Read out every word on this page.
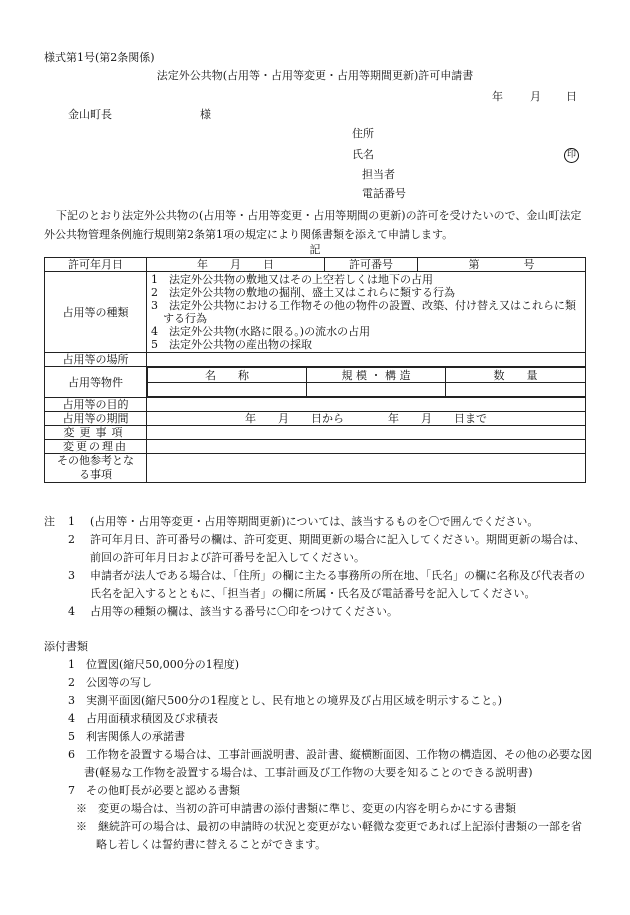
様式第1号(第2条関係)
法定外公共物(占用等・占用等変更・占用等期間更新)許可申請書
年 月 日
金山町長	様
住所
氏名	印
担当者
電話番号
下記のとおり法定外公共物の(占用等・占用等変更・占用等期間の更新)の許可を受けたいので、金山町法定外公共物管理条例施行規則第2条第1項の規定により関係書類を添えて申請します。
記
許可年月日	年　　月　　日	許可番号	第　　　　号
占用等の種類	
1　法定外公共物の敷地又はその上空若しくは地下の占用
2　法定外公共物の敷地の掘削、盛土又はこれらに類する行為
3　法定外公共物における工作物その他の物件の設置、改築、付け替え又はこれらに類する行為
4　法定外公共物(水路に限る。)の流水の占用
5　法定外公共物の産出物の採取

占用等の場所	
占用等物件	
名　　称	規 模 ・ 構 造	数　　量

占用等の目的	
占用等の期間	年　　月　　日から　　　　年　　月　　日まで
変更事項	
変更の理由	
その他参考となる事項	
注	1	(占用等・占用等変更・占用等期間更新)については、該当するものを〇で囲んでください。
2	許可年月日、許可番号の欄は、許可変更、期間更新の場合に記入してください。期間更新の場合は、前回の許可年月日および許可番号を記入してください。
3	申請者が法人である場合は、「住所」の欄に主たる事務所の所在地、「氏名」の欄に名称及び代表者の氏名を記入するとともに、「担当者」の欄に所属・氏名及び電話番号を記入してください。
4	占用等の種類の欄は、該当する番号に〇印をつけてください。
添付書類
1　位置図(縮尺50,000分の1程度)
2　公図等の写し
3　実測平面図(縮尺500分の1程度とし、民有地との境界及び占用区域を明示すること。)
4　占用面積求積図及び求積表
5　利害関係人の承諾書
6　工作物を設置する場合は、工事計画説明書、設計書、縦横断面図、工作物の構造図、その他の必要な図書(軽易な工作物を設置する場合は、工事計画及び工作物の大要を知ることのできる説明書)
7　その他町長が必要と認める書類
※　変更の場合は、当初の許可申請書の添付書類に準じ、変更の内容を明らかにする書類
※　継続許可の場合は、最初の申請時の状況と変更がない軽微な変更であれば上記添付書類の一部を省略し若しくは誓約書に替えることができます。
